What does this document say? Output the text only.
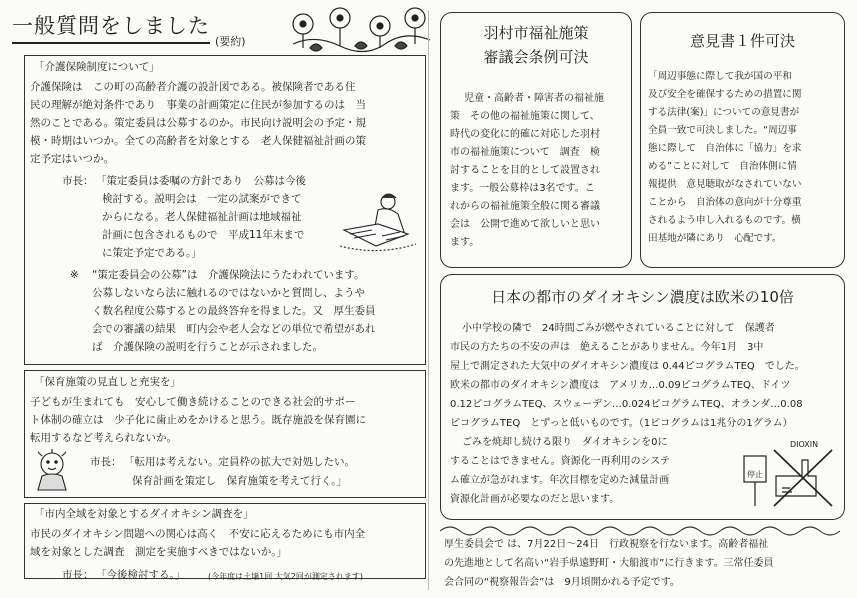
一般質問をしました
(要約)
「介護保険制度について」
介護保険は　この町の高齢者介護の設計図である。被保険者である住
民の理解が絶対条件であり　事業の計画策定に住民が参加するのは　当
然のことである。策定委員は公募するのか。市民向け説明会の予定・規
模・時期はいつか。全ての高齢者を対象とする　老人保健福祉計画の策
定予定はいつか。
市長： 「策定委員は委嘱の方針であり　公募は今後
検討する。説明会は　一定の試案ができて
からになる。老人保健福祉計画は地域福祉
計画に包含されるもので　平成11年末まで
に策定予定である。」
※ “策定委員会の公募”は　介護保険法にうたわれています。
公募しないなら法に触れるのではないかと質問し、ようや
く数名程度公募するとの最終答弁を得ました。又　厚生委員
会での審議の結果　町内会や老人会などの単位で希望があれ
ば　介護保険の説明を行うことが示されました。
「保育施策の見直しと充実を」
子どもが生まれても　安心して働き続けることのできる社会的サポー
ト体制の確立は　少子化に歯止めをかけると思う。既存施設を保育園に
転用するなど考えられないか。
市長： 「転用は考えない。定員枠の拡大で対処したい。
保育計画を策定し　保育施策を考えて行く。」
「市内全域を対象とするダイオキシン調査を」
市民のダイオキシン問題への関心は高く　不安に応えるためにも市内全
域を対象とした調査　測定を実施すべきではないか。」
市長： 「今後検討する。」	(今年度は土壌1回 大気2回が測定されます)
羽村市福祉施策
審議会条例可決
児童・高齢者・障害者の福祉施
策　その他の福祉施策に関して、
時代の変化に的確に対応した羽村
市の福祉施策について　調査　検
討することを目的として設置され
ます。一般公募枠は3名です。こ
れからの福祉施策全般に関る審議
会は　公開で進めて欲しいと思い
ます。
意見書１件可決
「周辺事態に際して我が国の平和
及び安全を確保するための措置に関
する法律(案)」についての意見書が
全員一致で可決しました。“周辺事
態に際して　自治体に「協力」を求
める”ことに対して　自治体側に情
報提供　意見聴取がなされていない
ことから　自治体の意向が十分尊重
されるよう申し入れるものです。横
田基地が隣にあり　心配です。
日本の都市のダイオキシン濃度は欧米の10倍
小中学校の隣で　24時間ごみが燃やされていることに対して　保護者
市民の方たちの不安の声は　絶えることがありません。今年1月　3中
屋上で測定された大気中のダイオキシン濃度は 0.44ピコグラムTEQ　でした。
欧米の都市のダイオキシン濃度は　アメリカ…0.09ピコグラムTEQ、ドイツ
0.12ピコグラムTEQ、スウェーデン…0.024ピコグラムTEQ、オランダ…0.08
ピコグラムTEQ　とずっと低いものです。（1ピコグラムは1兆分の1グラム）
ごみを焼却し続ける限り　ダイオキシンを0に
することはできません。資源化一再利用のシステ
ム確立が急がれます。年次目標を定めた減量計画
資源化計画が必要なのだと思います。
DIOXIN
停止
厚生委員会で は、7月22日～24日　行政視察を行ないます。高齢者福祉
の先進地として名高い“岩手県遠野町・大船渡市”に行きます。三常任委員
会合同の“視察報告会”は　9月頃開かれる予定です。
